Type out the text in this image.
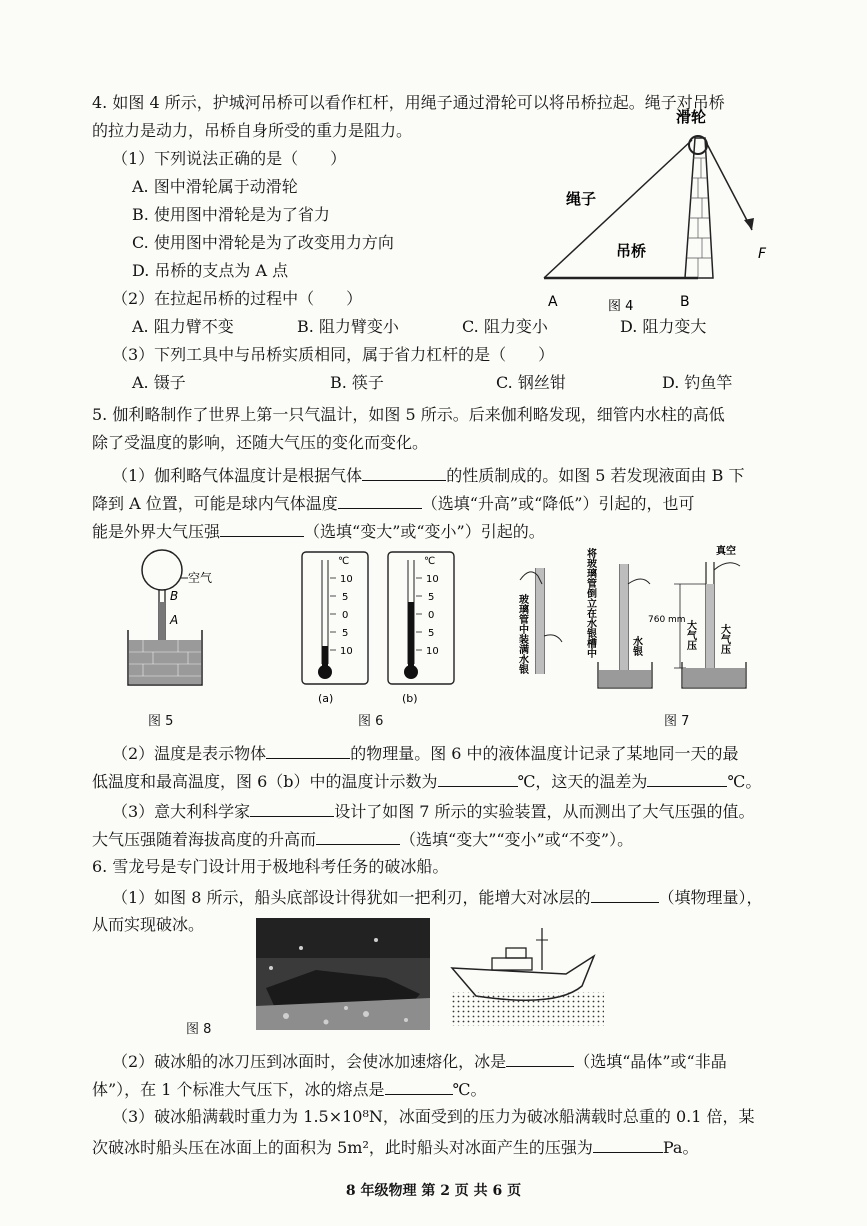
4. 如图 4 所示，护城河吊桥可以看作杠杆，用绳子通过滑轮可以将吊桥拉起。绳子对吊桥
的拉力是动力，吊桥自身所受的重力是阻力。
（1）下列说法正确的是（　　）
A. 图中滑轮属于动滑轮
B. 使用图中滑轮是为了省力
C. 使用图中滑轮是为了改变用力方向
D. 吊桥的支点为 A 点
（2）在拉起吊桥的过程中（　　）
A. 阻力臂不变	B. 阻力臂变小	C. 阻力变小	D. 阻力变大
（3）下列工具中与吊桥实质相同，属于省力杠杆的是（　　）
A. 镊子	B. 筷子	C. 钢丝钳	D. 钓鱼竿
滑轮
绳子
吊桥	F
A	B
图 4
5. 伽利略制作了世界上第一只气温计，如图 5 所示。后来伽利略发现，细管内水柱的高低
除了受温度的影响，还随大气压的变化而变化。
（1）伽利略气体温度计是根据气体	的性质制成的。如图 5 若发现液面由 B 下
降到 A 位置，可能是球内气体温度	（选填“升高”或“降低”）引起的，也可
能是外界大气压强	（选填“变大”或“变小”）引起的。
空气
B
A
图 5
℃
10
5
0
5
10
(a)
℃
10
5
0
5
10
(b)
图 6
玻璃管中装满水银	将玻璃管倒立在水银槽中	水银
真空
760 mm
大气压 大气压
图 7
（2）温度是表示物体	的物理量。图 6 中的液体温度计记录了某地同一天的最
低温度和最高温度，图 6（b）中的温度计示数为	℃，这天的温差为	℃。
（3）意大利科学家	设计了如图 7 所示的实验装置，从而测出了大气压强的值。
大气压强随着海拔高度的升高而	（选填“变大”“变小”或“不变”）。
6. 雪龙号是专门设计用于极地科考任务的破冰船。
（1）如图 8 所示，船头底部设计得犹如一把利刃，能增大对冰层的	（填物理量），
从而实现破冰。
图 8
（2）破冰船的冰刀压到冰面时，会使冰加速熔化，冰是	（选填“晶体”或“非晶
体”），在 1 个标准大气压下，冰的熔点是	℃。
（3）破冰船满载时重力为 1.5×10⁸N，冰面受到的压力为破冰船满载时总重的 0.1 倍，某
次破冰时船头压在冰面上的面积为 5m²，此时船头对冰面产生的压强为	Pa。
8 年级物理 第 2 页 共 6 页
